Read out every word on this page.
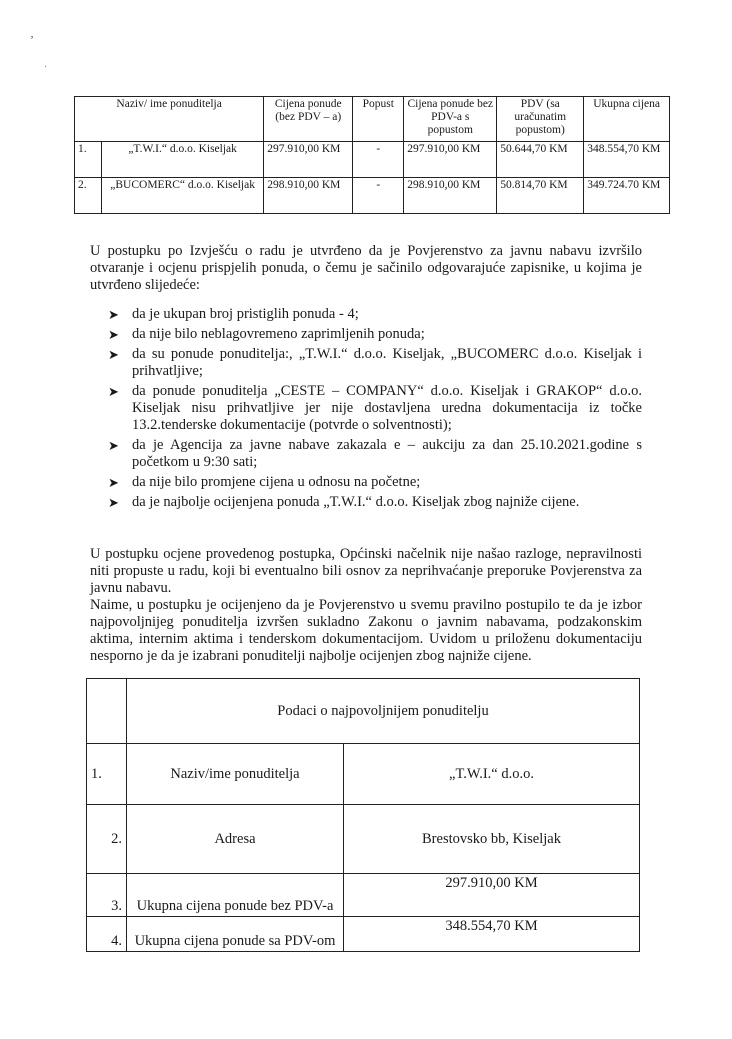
‚
·
Naziv/ ime ponuditelja		Cijena ponude (bez PDV – a)	Popust	Cijena ponude bez PDV-a s popustom	PDV (sa uračunatim popustom)	Ukupna cijena
1.	„T.W.I.“ d.o.o. Kiseljak	297.910,00 KM	-	297.910,00 KM	50.644,70 KM	348.554,70 KM
2.	„BUCOMERC“ d.o.o. Kiseljak	298.910,00 KM	-	298.910,00 KM	50.814,70 KM	349.724.70 KM

U postupku po Izvješću o radu je utvrđeno da je Povjerenstvo za javnu nabavu izvršilo otvaranje i ocjenu prispjelih ponuda, o čemu je sačinilo odgovarajuće zapisnike, u kojima je utvrđeno slijedeće:

➤ da je ukupan broj pristiglih ponuda - 4;
➤ da nije bilo neblagovremeno zaprimljenih ponuda;
➤ da su ponude ponuditelja:, „T.W.I.“ d.o.o. Kiseljak, „BUCOMERC d.o.o. Kiseljak i prihvatljive;
➤ da ponude ponuditelja „CESTE – COMPANY“ d.o.o. Kiseljak i GRAKOP“ d.o.o. Kiseljak nisu prihvatljive jer nije dostavljena uredna dokumentacija iz točke 13.2.tenderske dokumentacije (potvrde o solventnosti);
➤ da je Agencija za javne nabave zakazala e – aukciju za dan 25.10.2021.godine s početkom u 9:30 sati;
➤ da nije bilo promjene cijena u odnosu na početne;
➤ da je najbolje ocijenjena ponuda „T.W.I.“ d.o.o. Kiseljak zbog najniže cijene.

U postupku ocjene provedenog postupka, Općinski načelnik nije našao razloge, nepravilnosti niti propuste u radu, koji bi eventualno bili osnov za neprihvaćanje preporuke Povjerenstva za javnu nabavu.

Naime, u postupku je ocijenjeno da je Povjerenstvo u svemu pravilno postupilo te da je izbor najpovoljnijeg ponuditelja izvršen sukladno Zakonu o javnim nabavama, podzakonskim aktima, internim aktima i tenderskom dokumentacijom. Uvidom u priloženu dokumentaciju nesporno je da je izabrani ponuditelji najbolje ocijenjen zbog najniže cijene.

	Podaci o najpovoljnijem ponuditelju	
1.	Naziv/ime ponuditelja	„T.W.I.“ d.o.o.
2.	Adresa	Brestovsko bb, Kiseljak
3.	Ukupna cijena ponude bez PDV-a	297.910,00 KM
4.	Ukupna cijena ponude sa PDV-om	348.554,70 KM
